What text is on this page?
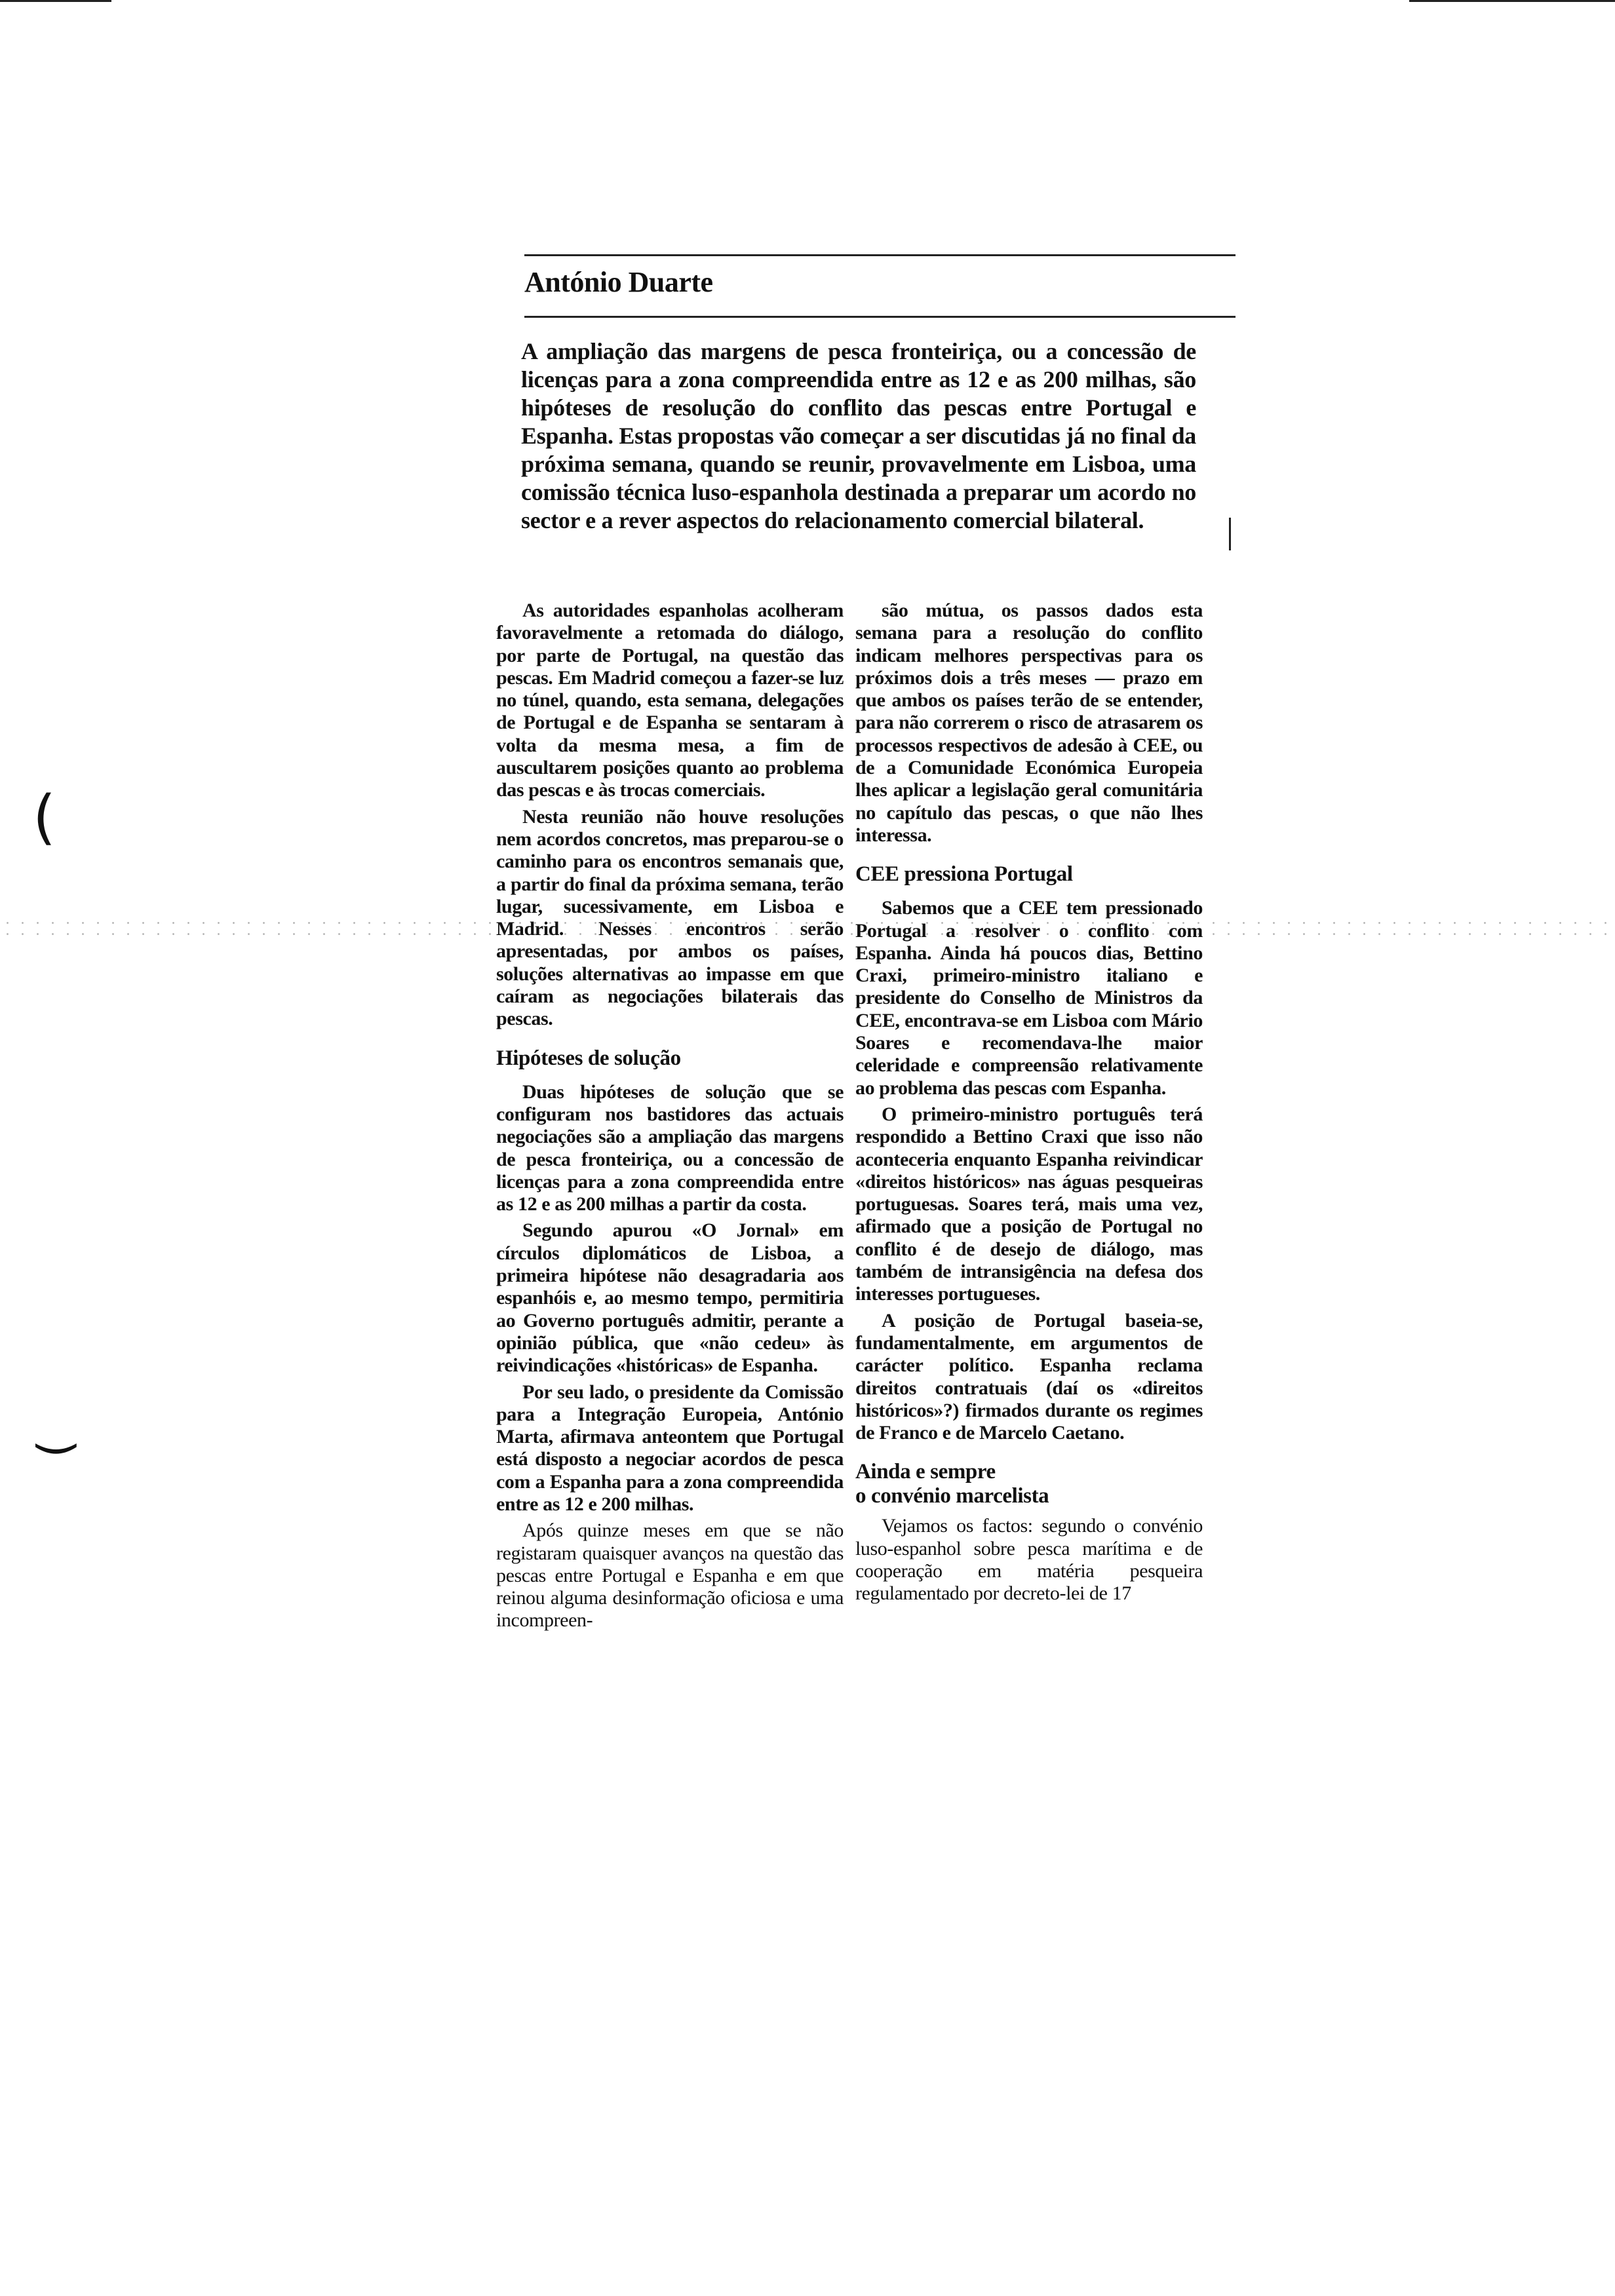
António Duarte
A ampliação das margens de pesca fronteiriça, ou a concessão de licenças para a zona compreendida entre as 12 e as 200 milhas, são hipóteses de resolução do conflito das pescas entre Portugal e Espanha. Estas propostas vão começar a ser discutidas já no final da próxima semana, quando se reunir, provavelmente em Lisboa, uma comissão técnica luso-espanhola destinada a preparar um acordo no sector e a rever aspectos do relacionamento comercial bilateral.

As autoridades espanholas acolheram favoravelmente a retomada do diálogo, por parte de Portugal, na questão das pescas. Em Madrid começou a fazer-se luz no túnel, quando, esta semana, delegações de Portugal e de Espanha se sentaram à volta da mesma mesa, a fim de auscultarem posições quanto ao problema das pescas e às trocas comerciais.

Nesta reunião não houve resoluções nem acordos concretos, mas preparou-se o caminho para os encontros semanais que, a partir do final da próxima semana, terão lugar, sucessivamente, em Lisboa e Madrid. Nesses encontros serão apresentadas, por ambos os países, soluções alternativas ao impasse em que caíram as negociações bilaterais das pescas.

Hipóteses de solução

Duas hipóteses de solução que se configuram nos bastidores das actuais negociações são a ampliação das margens de pesca fronteiriça, ou a concessão de licenças para a zona compreendida entre as 12 e as 200 milhas a partir da costa.

Segundo apurou «O Jornal» em círculos diplomáticos de Lisboa, a primeira hipótese não desagradaria aos espanhóis e, ao mesmo tempo, permitiria ao Governo português admitir, perante a opinião pública, que «não cedeu» às reivindicações «históricas» de Espanha.

Por seu lado, o presidente da Comissão para a Integração Europeia, António Marta, afirmava anteontem que Portugal está disposto a negociar acordos de pesca com a Espanha para a zona compreendida entre as 12 e 200 milhas.

Após quinze meses em que se não registaram quaisquer avanços na questão das pescas entre Portugal e Espanha e em que reinou alguma desinformação oficiosa e uma incompreen-

são mútua, os passos dados esta semana para a resolução do conflito indicam melhores perspectivas para os próximos dois a três meses — prazo em que ambos os países terão de se entender, para não correrem o risco de atrasarem os processos respectivos de adesão à CEE, ou de a Comunidade Económica Europeia lhes aplicar a legislação geral comunitária no capítulo das pescas, o que não lhes interessa.

CEE pressiona Portugal

Sabemos que a CEE tem pressionado Portugal a resolver o conflito com Espanha. Ainda há poucos dias, Bettino Craxi, primeiro-ministro italiano e presidente do Conselho de Ministros da CEE, encontrava-se em Lisboa com Mário Soares e recomendava-lhe maior celeridade e compreensão relativamente ao problema das pescas com Espanha.

O primeiro-ministro português terá respondido a Bettino Craxi que isso não aconteceria enquanto Espanha reivindicar «direitos históricos» nas águas pesqueiras portuguesas. Soares terá, mais uma vez, afirmado que a posição de Portugal no conflito é de desejo de diálogo, mas também de intransigência na defesa dos interesses portugueses.

A posição de Portugal baseia-se, fundamentalmente, em argumentos de carácter político. Espanha reclama direitos contratuais (daí os «direitos históricos»?) firmados durante os regimes de Franco e de Marcelo Caetano.

Ainda e sempre
o convénio marcelista

Vejamos os factos: segundo o convénio luso-espanhol sobre pesca marítima e de cooperação em matéria pesqueira regulamentado por decreto-lei de 17

(
(
